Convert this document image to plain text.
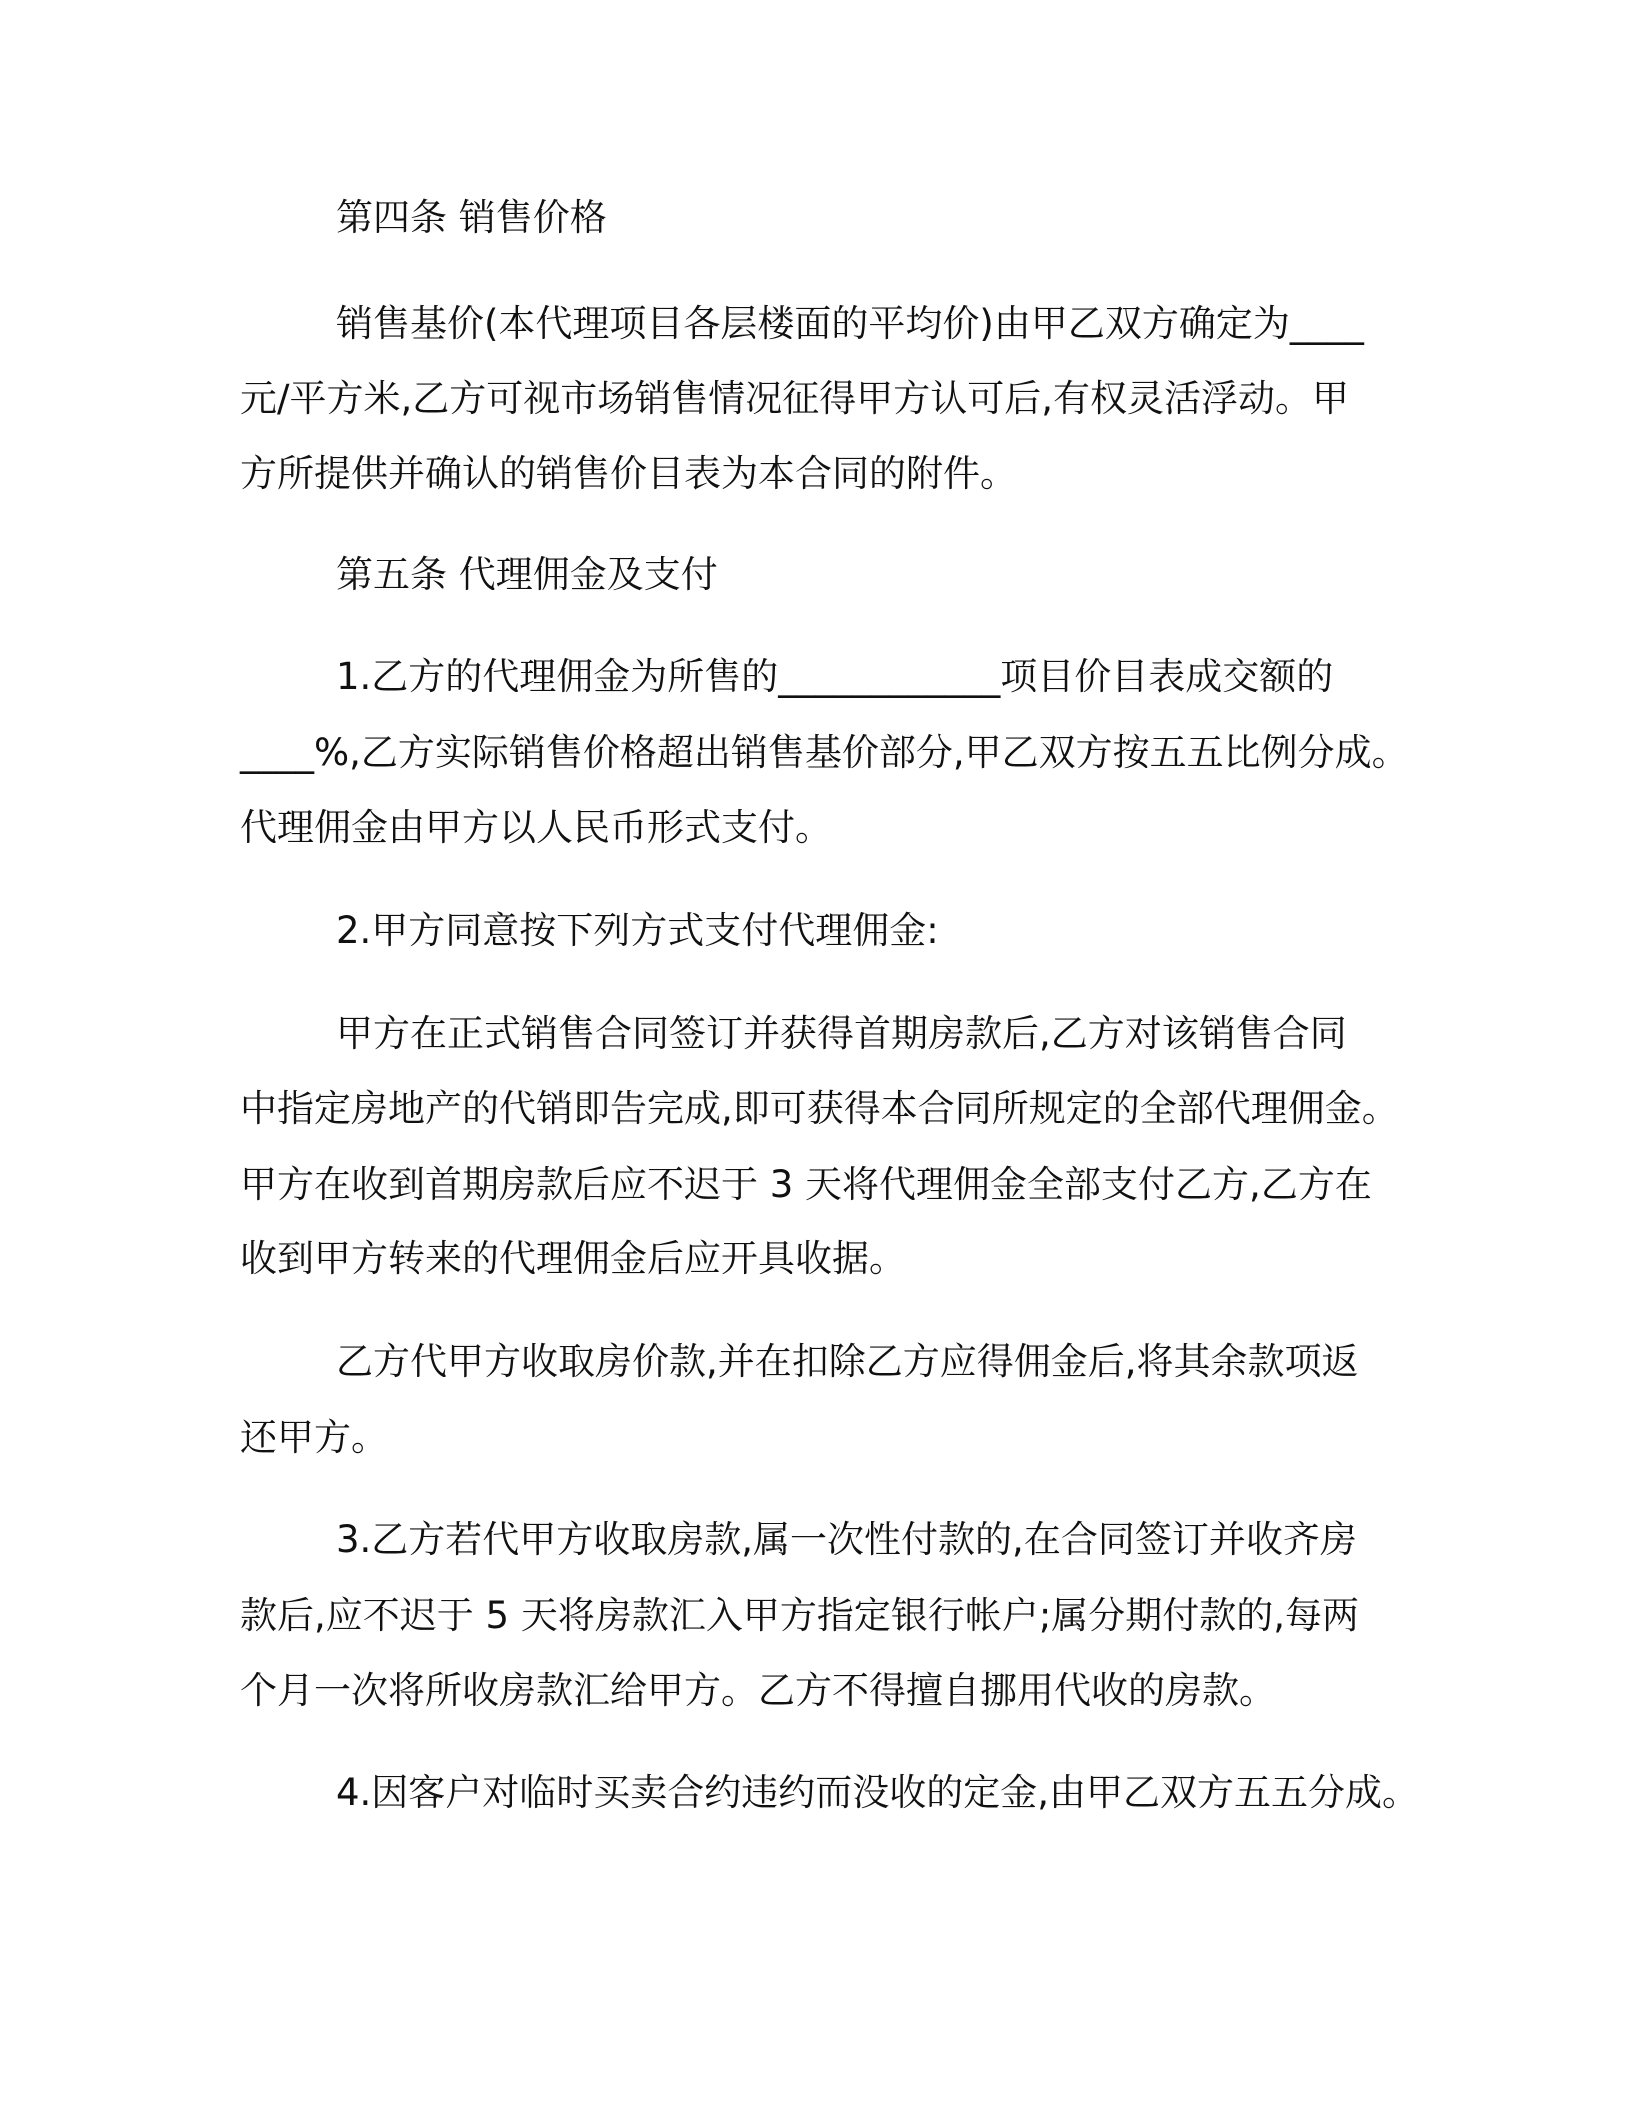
第四条 销售价格
销售基价(本代理项目各层楼面的平均价)由甲乙双方确定为____
元/平方米,乙方可视市场销售情况征得甲方认可后,有权灵活浮动。甲
方所提供并确认的销售价目表为本合同的附件。
第五条 代理佣金及支付
1.乙方的代理佣金为所售的____________项目价目表成交额的
____%,乙方实际销售价格超出销售基价部分,甲乙双方按五五比例分成。
代理佣金由甲方以人民币形式支付。
2.甲方同意按下列方式支付代理佣金:
甲方在正式销售合同签订并获得首期房款后,乙方对该销售合同
中指定房地产的代销即告完成,即可获得本合同所规定的全部代理佣金。
甲方在收到首期房款后应不迟于 3 天将代理佣金全部支付乙方,乙方在
收到甲方转来的代理佣金后应开具收据。
乙方代甲方收取房价款,并在扣除乙方应得佣金后,将其余款项返
还甲方。
3.乙方若代甲方收取房款,属一次性付款的,在合同签订并收齐房
款后,应不迟于 5 天将房款汇入甲方指定银行帐户;属分期付款的,每两
个月一次将所收房款汇给甲方。乙方不得擅自挪用代收的房款。
4.因客户对临时买卖合约违约而没收的定金,由甲乙双方五五分成。
